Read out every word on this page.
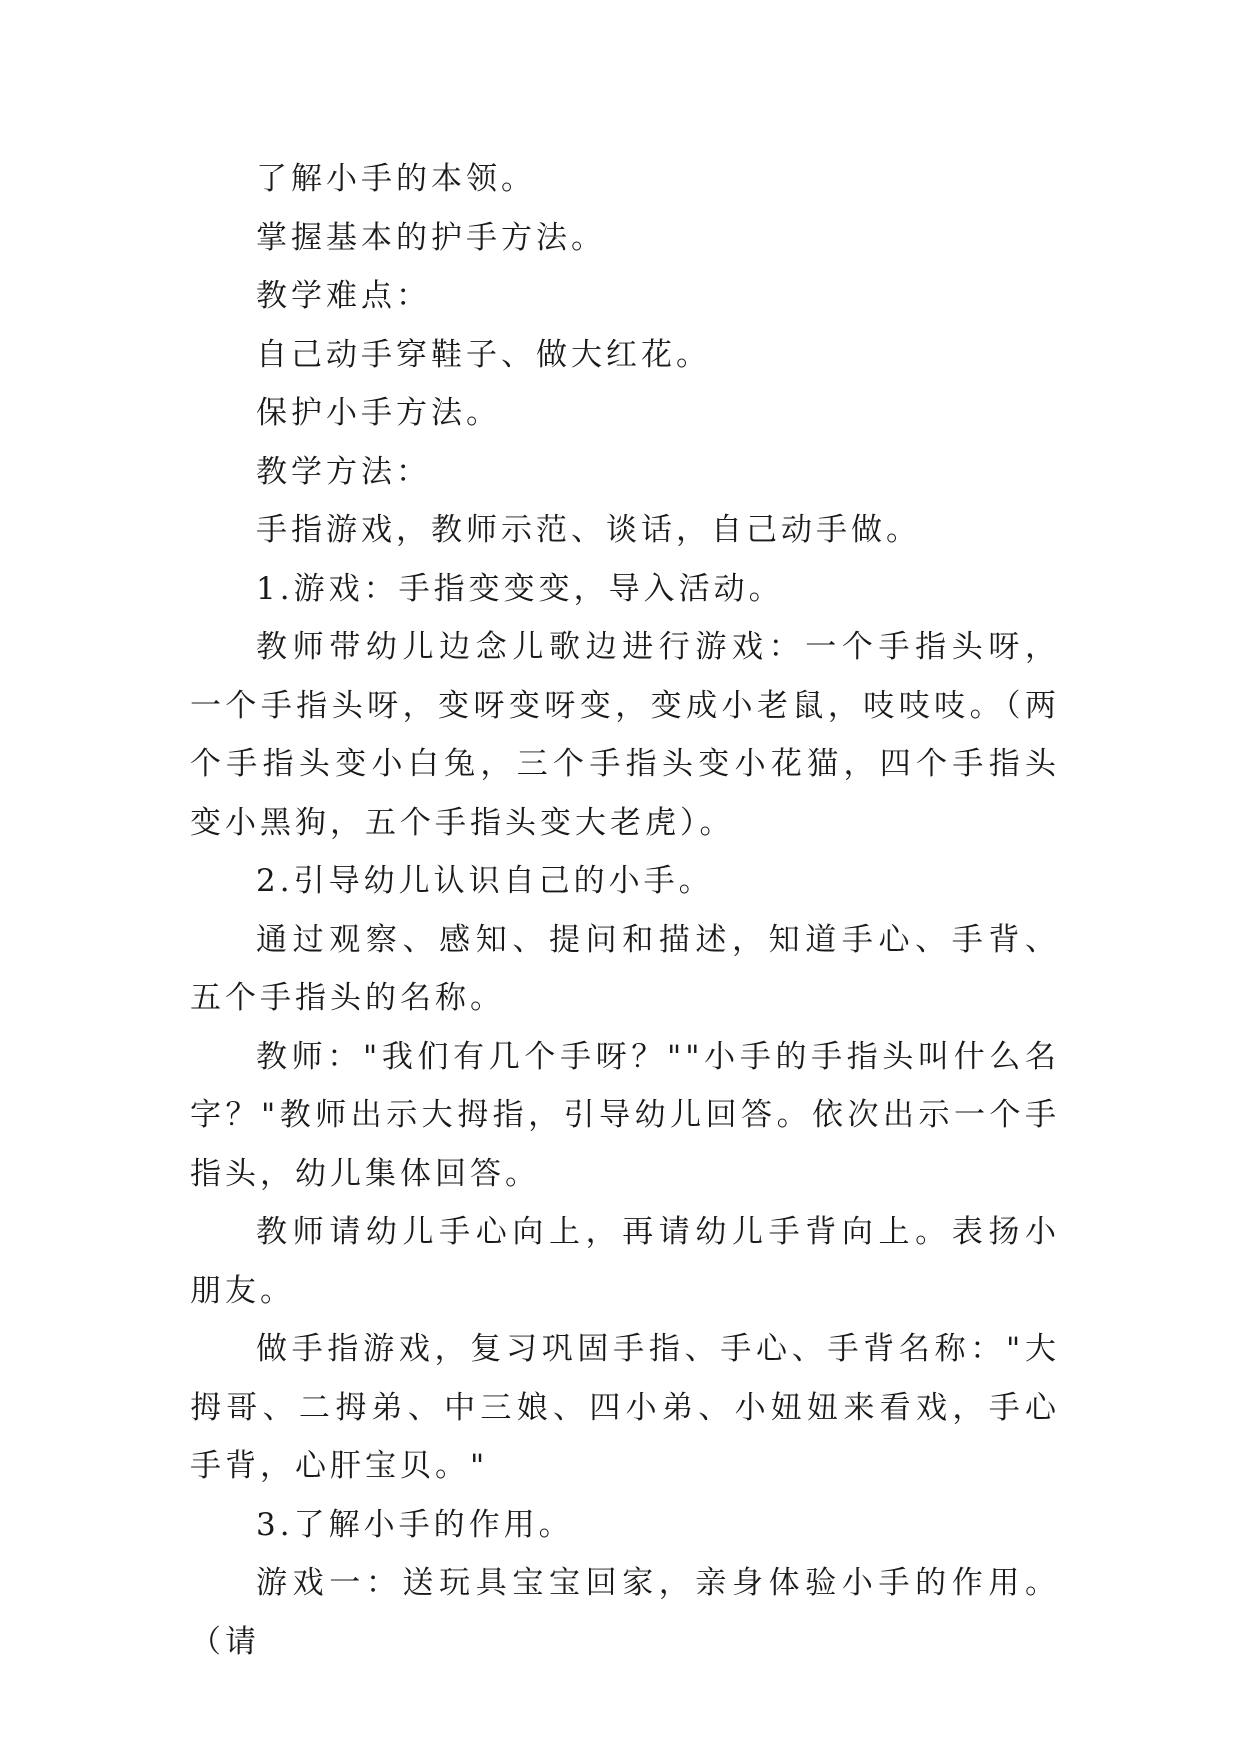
了解小手的本领。

掌握基本的护手方法。

教学难点：

自己动手穿鞋子、做大红花。

保护小手方法。

教学方法：

手指游戏，教师示范、谈话，自己动手做。

1.游戏：手指变变变，导入活动。

教师带幼儿边念儿歌边进行游戏：一个手指头呀，一个手指头呀，变呀变呀变，变成小老鼠，吱吱吱。（两个手指头变小白兔，三个手指头变小花猫，四个手指头变小黑狗，五个手指头变大老虎）。

2.引导幼儿认识自己的小手。

通过观察、感知、提问和描述，知道手心、手背、五个手指头的名称。

教师："我们有几个手呀？""小手的手指头叫什么名字？"教师出示大拇指，引导幼儿回答。依次出示一个手指头，幼儿集体回答。

教师请幼儿手心向上，再请幼儿手背向上。表扬小朋友。

做手指游戏，复习巩固手指、手心、手背名称："大拇哥、二拇弟、中三娘、四小弟、小妞妞来看戏，手心手背，心肝宝贝。"

3.了解小手的作用。

游戏一：送玩具宝宝回家，亲身体验小手的作用。（请
